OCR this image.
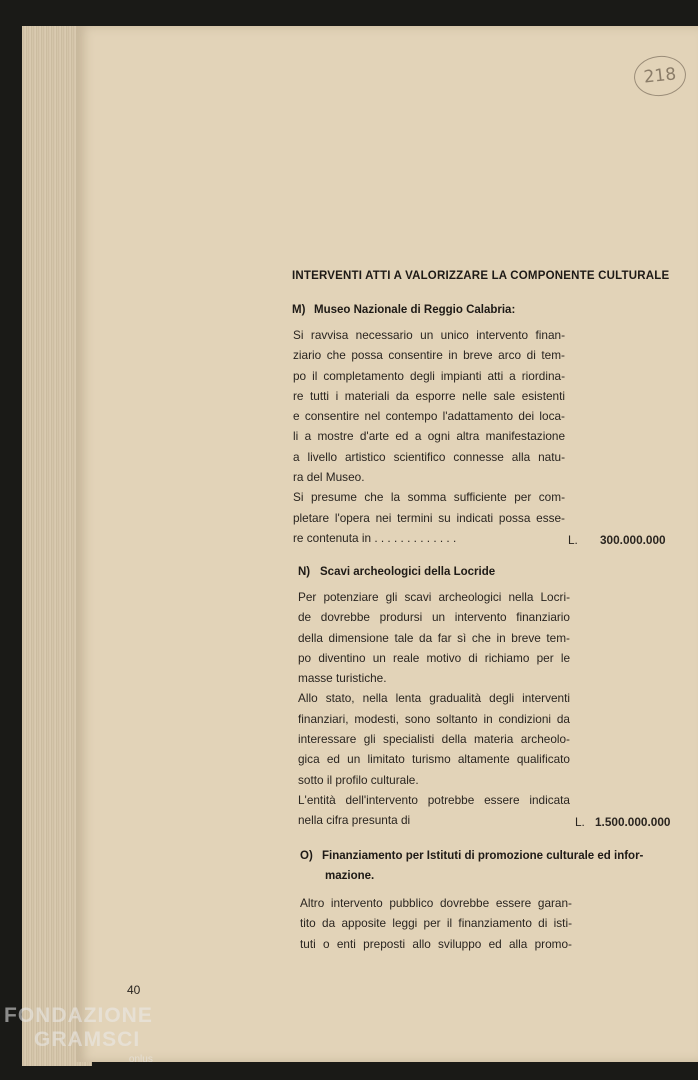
218
INTERVENTI ATTI A VALORIZZARE LA COMPONENTE CULTURALE
M) Museo Nazionale di Reggio Calabria:
Si ravvisa necessario un unico intervento finan-
ziario che possa consentire in breve arco di tem-
po il completamento degli impianti atti a riordina-
re tutti i materiali da esporre nelle sale esistenti
e consentire nel contempo l'adattamento dei loca-
li a mostre d'arte ed a ogni altra manifestazione
a livello artistico scientifico connesse alla natu-
ra del Museo.
Si presume che la somma sufficiente per com-
pletare l'opera nei termini su indicati possa esse-
re contenuta in . . . . . . . . . . . . .	L. 300.000.000
N) Scavi archeologici della Locride
Per potenziare gli scavi archeologici nella Locri-
de dovrebbe prodursi un intervento finanziario
della dimensione tale da far sì che in breve tem-
po diventino un reale motivo di richiamo per le
masse turistiche.
Allo stato, nella lenta gradualità degli interventi
finanziari, modesti, sono soltanto in condizioni da
interessare gli specialisti della materia archeolo-
gica ed un limitato turismo altamente qualificato
sotto il profilo culturale.
L'entità dell'intervento potrebbe essere indicata
nella cifra presunta di	L. 1.500.000.000
O) Finanziamento per Istituti di promozione culturale ed infor-
mazione.
Altro intervento pubblico dovrebbe essere garan-
tito da apposite leggi per il finanziamento di isti-
tuti o enti preposti allo sviluppo ed alla promo-
40
FONDAZIONE
GRAMSCI
onlus
